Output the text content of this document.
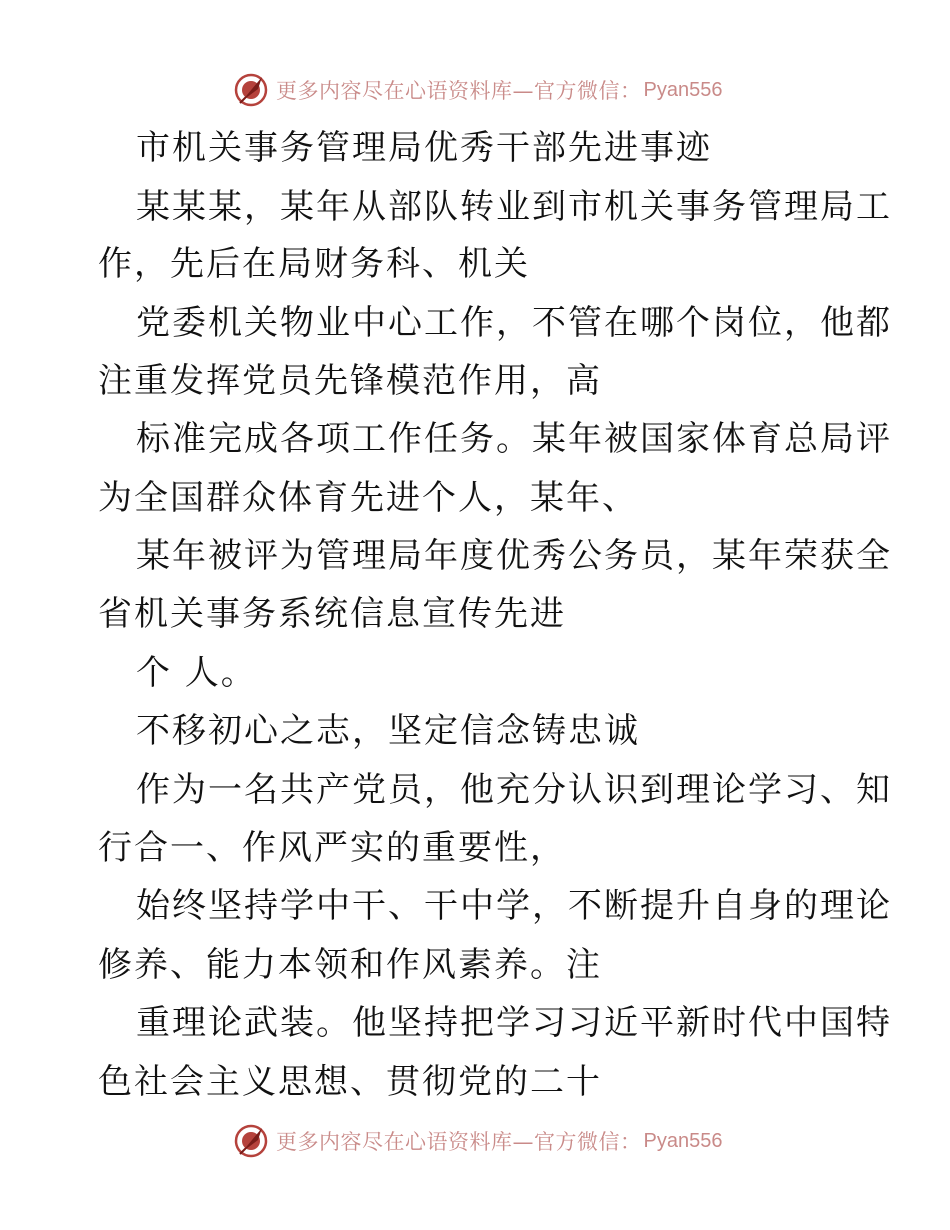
更多内容尽在心语资料库—官方微信： Pyan556
市机关事务管理局优秀干部先进事迹
某某某，某年从部队转业到市机关事务管理局工
作，先后在局财务科、机关
党委机关物业中心工作，不管在哪个岗位，他都
注重发挥党员先锋模范作用，高
标准完成各项工作任务。某年被国家体育总局评
为全国群众体育先进个人，某年、
某年被评为管理局年度优秀公务员，某年荣获全
省机关事务系统信息宣传先进
个 人。
不移初心之志，坚定信念铸忠诚
作为一名共产党员，他充分认识到理论学习、知
行合一、作风严实的重要性，
始终坚持学中干、干中学，不断提升自身的理论
修养、能力本领和作风素养。注
重理论武装。他坚持把学习习近平新时代中国特
色社会主义思想、贯彻党的二十
更多内容尽在心语资料库—官方微信： Pyan556
